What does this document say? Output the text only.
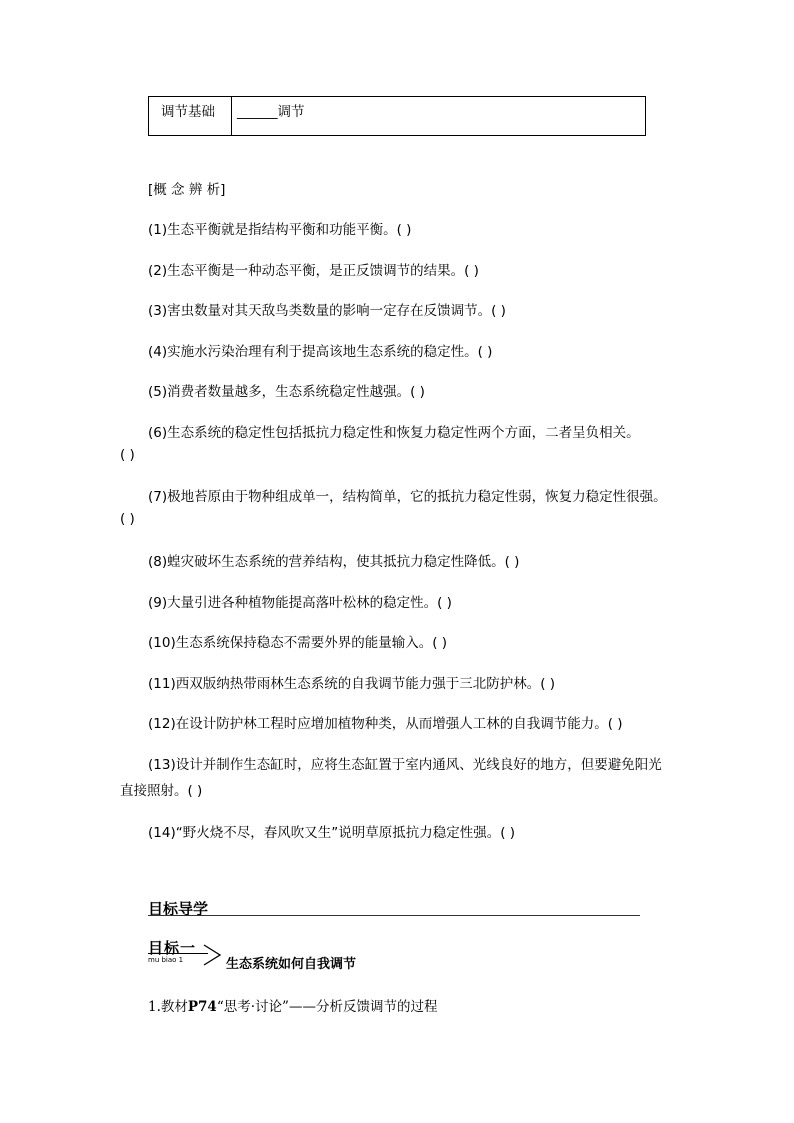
调节基础 ______调节
[概 念 辨 析]
(1)生态平衡就是指结构平衡和功能平衡。( )
(2)生态平衡是一种动态平衡，是正反馈调节的结果。( )
(3)害虫数量对其天敌鸟类数量的影响一定存在反馈调节。( )
(4)实施水污染治理有利于提高该地生态系统的稳定性。( )
(5)消费者数量越多，生态系统稳定性越强。( )
(6)生态系统的稳定性包括抵抗力稳定性和恢复力稳定性两个方面，二者呈负相关。
( )
(7)极地苔原由于物种组成单一，结构简单，它的抵抗力稳定性弱，恢复力稳定性很强。
( )
(8)蝗灾破坏生态系统的营养结构，使其抵抗力稳定性降低。( )
(9)大量引进各种植物能提高落叶松林的稳定性。( )
(10)生态系统保持稳态不需要外界的能量输入。( )
(11)西双版纳热带雨林生态系统的自我调节能力强于三北防护林。( )
(12)在设计防护林工程时应增加植物种类，从而增强人工林的自我调节能力。( )
(13)设计并制作生态缸时，应将生态缸置于室内通风、光线良好的地方，但要避免阳光
直接照射。( )
(14)“野火烧不尽，春风吹又生”说明草原抵抗力稳定性强。( )
目标导学
目标一
mu biao 1	生态系统如何自我调节
1.教材P74“思考·讨论”——分析反馈调节的过程
